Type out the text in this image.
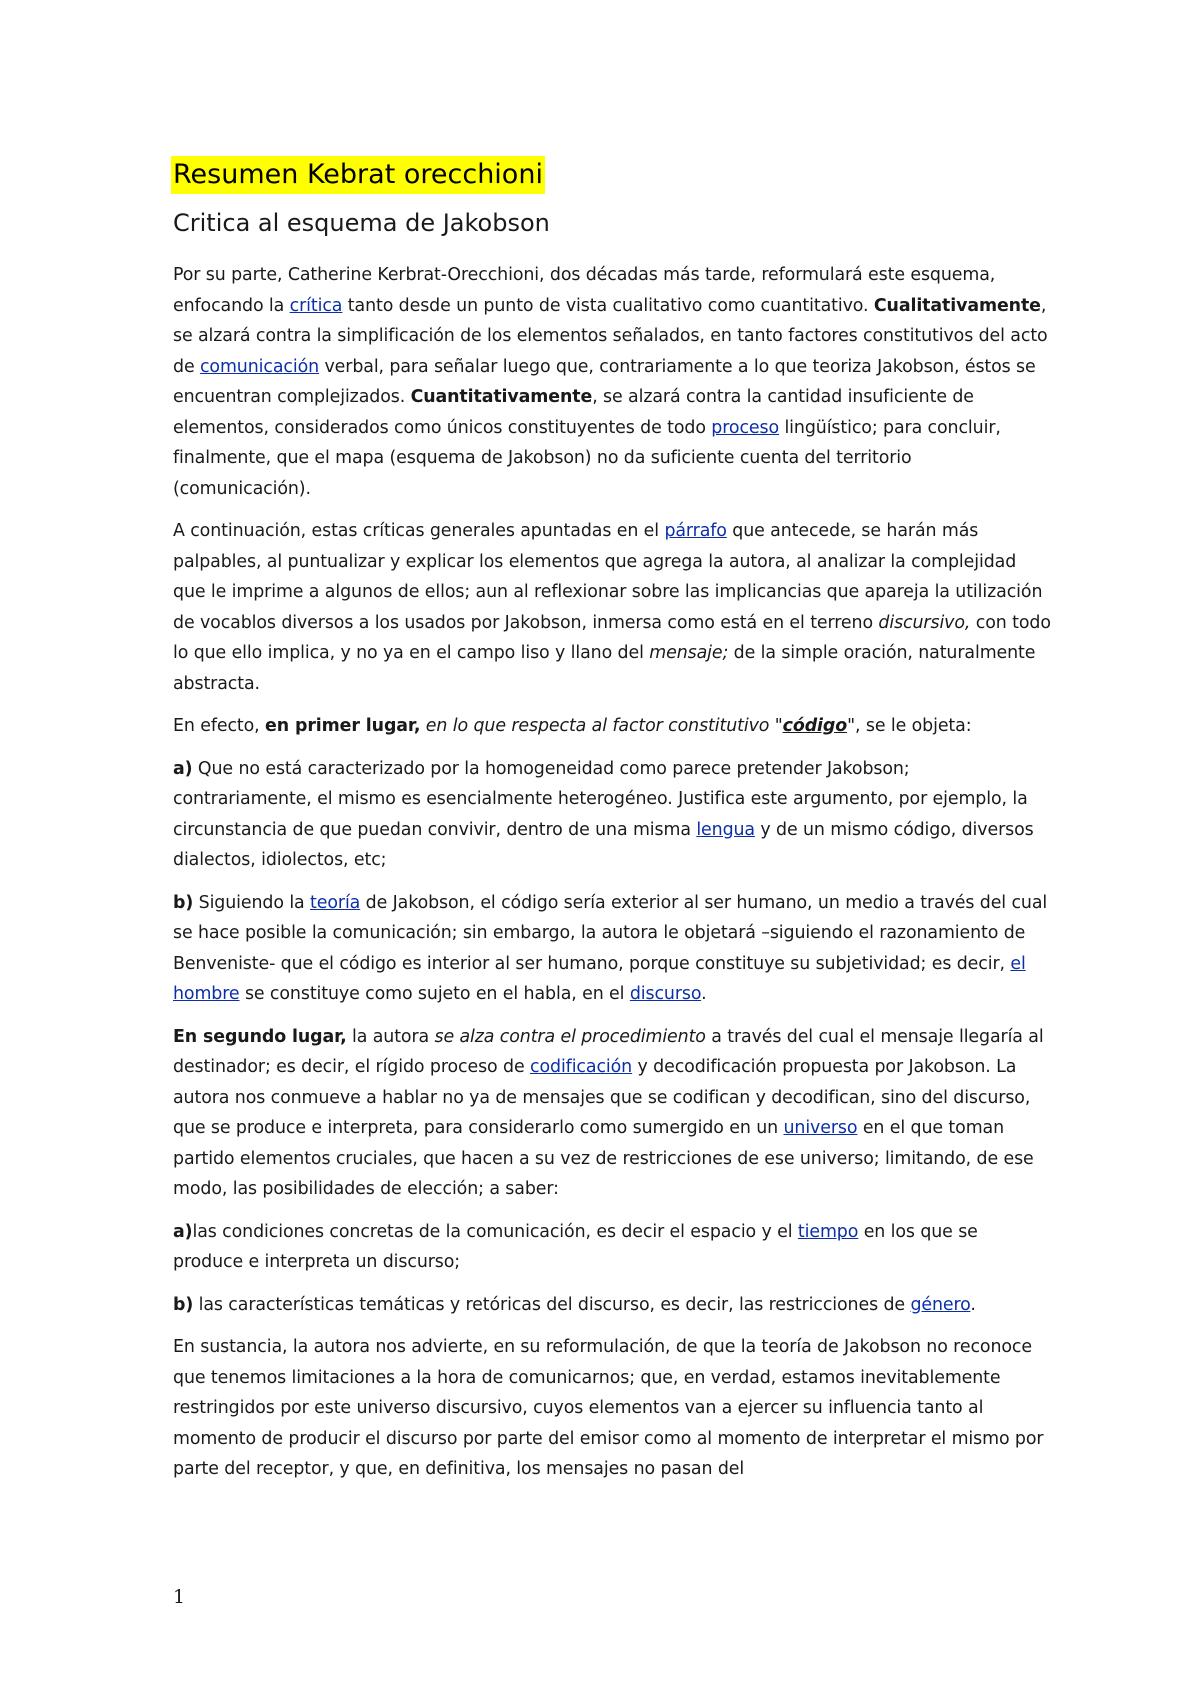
Resumen Kebrat orecchioni
Critica al esquema de Jakobson

Por su parte, Catherine Kerbrat-Orecchioni, dos décadas más tarde, reformulará este esquema, enfocando la crítica tanto desde un punto de vista cualitativo como cuantitativo. Cualitativamente, se alzará contra la simplificación de los elementos señalados, en tanto factores constitutivos del acto de comunicación verbal, para señalar luego que, contrariamente a lo que teoriza Jakobson, éstos se encuentran complejizados. Cuantitativamente, se alzará contra la cantidad insuficiente de elementos, considerados como únicos constituyentes de todo proceso lingüístico; para concluir, finalmente, que el mapa (esquema de Jakobson) no da suficiente cuenta del territorio (comunicación).

A continuación, estas críticas generales apuntadas en el párrafo que antecede, se harán más palpables, al puntualizar y explicar los elementos que agrega la autora, al analizar la complejidad que le imprime a algunos de ellos; aun al reflexionar sobre las implicancias que apareja la utilización de vocablos diversos a los usados por Jakobson, inmersa como está en el terreno discursivo, con todo lo que ello implica, y no ya en el campo liso y llano del mensaje; de la simple oración, naturalmente abstracta.

En efecto, en primer lugar, en lo que respecta al factor constitutivo "código", se le objeta:

a) Que no está caracterizado por la homogeneidad como parece pretender Jakobson; contrariamente, el mismo es esencialmente heterogéneo. Justifica este argumento, por ejemplo, la circunstancia de que puedan convivir, dentro de una misma lengua y de un mismo código, diversos dialectos, idiolectos, etc;

b) Siguiendo la teoría de Jakobson, el código sería exterior al ser humano, un medio a través del cual se hace posible la comunicación; sin embargo, la autora le objetará –siguiendo el razonamiento de Benveniste- que el código es interior al ser humano, porque constituye su subjetividad; es decir, el hombre se constituye como sujeto en el habla, en el discurso.

En segundo lugar, la autora se alza contra el procedimiento a través del cual el mensaje llegaría al destinador; es decir, el rígido proceso de codificación y decodificación propuesta por Jakobson. La autora nos conmueve a hablar no ya de mensajes que se codifican y decodifican, sino del discurso, que se produce e interpreta, para considerarlo como sumergido en un universo en el que toman partido elementos cruciales, que hacen a su vez de restricciones de ese universo; limitando, de ese modo, las posibilidades de elección; a saber:

a)las condiciones concretas de la comunicación, es decir el espacio y el tiempo en los que se produce e interpreta un discurso;

b) las características temáticas y retóricas del discurso, es decir, las restricciones de género.

En sustancia, la autora nos advierte, en su reformulación, de que la teoría de Jakobson no reconoce que tenemos limitaciones a la hora de comunicarnos; que, en verdad, estamos inevitablemente restringidos por este universo discursivo, cuyos elementos van a ejercer su influencia tanto al momento de producir el discurso por parte del emisor como al momento de interpretar el mismo por parte del receptor, y que, en definitiva, los mensajes no pasan del

1
